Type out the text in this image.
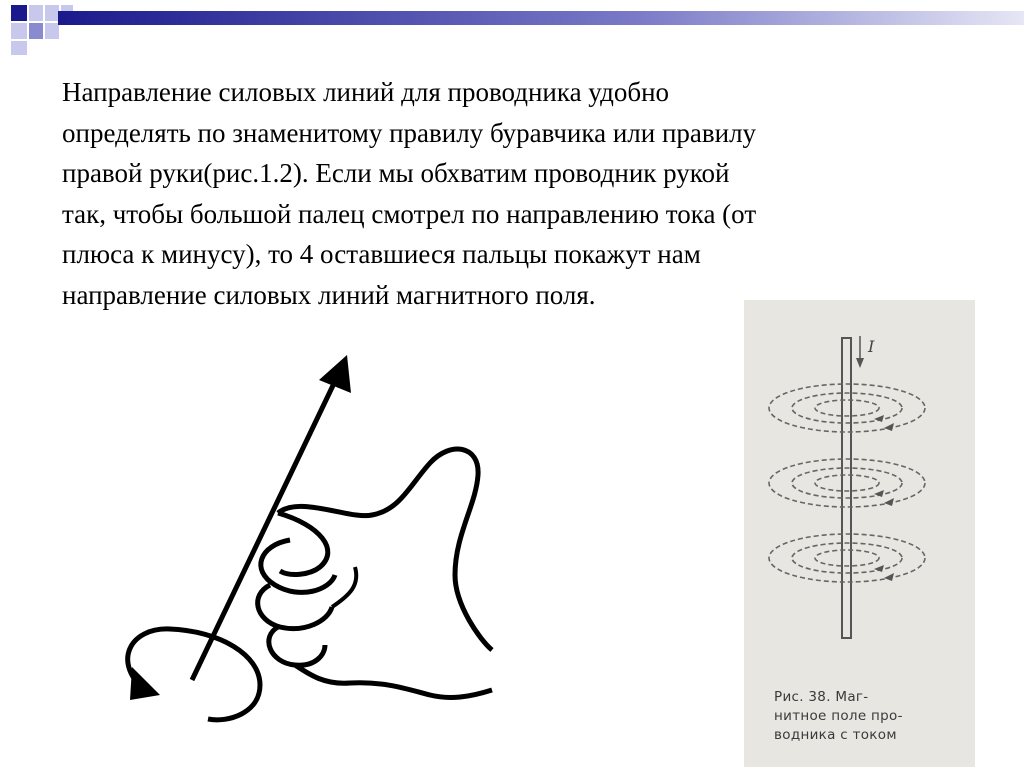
Направление силовых линий для проводника удобно
определять по знаменитому правилу буравчика или правилу
правой руки(рис.1.2). Если мы обхватим проводник рукой
так, чтобы большой палец смотрел по направлению тока (от
плюса к минусу), то 4 оставшиеся пальцы покажут нам
направление силовых линий магнитного поля.
I
Рис. 38. Маг-
нитное поле про-
водника с током
